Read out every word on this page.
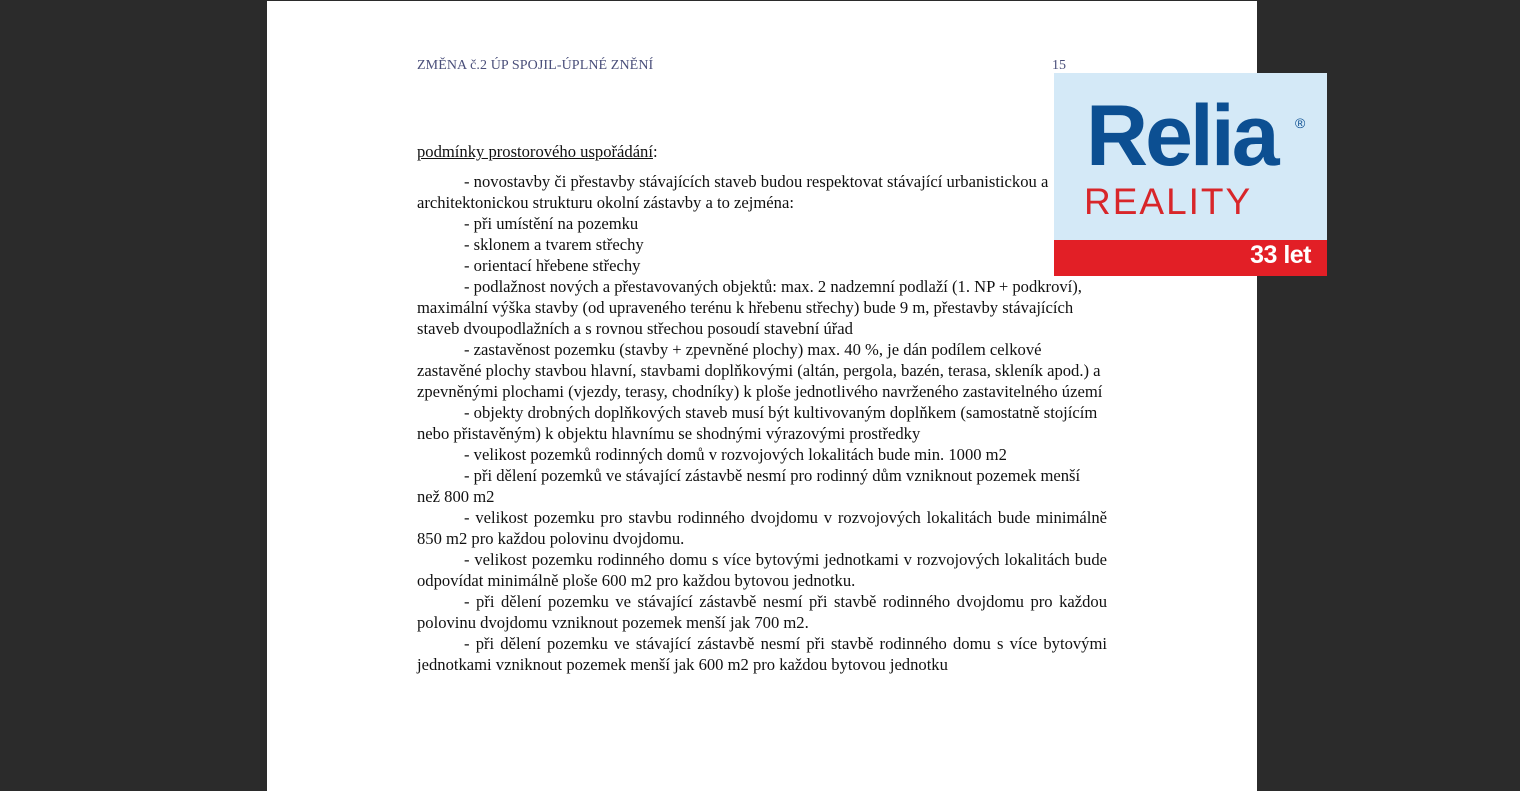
ZMĚNA č.2 ÚP SPOJIL-ÚPLNÉ ZNĚNÍ	15
podmínky prostorového uspořádání:
- novostavby či přestavby stávajících staveb budou respektovat stávající urbanistickou a architektonickou strukturu okolní zástavby a to zejména:
- při umístění na pozemku
- sklonem a tvarem střechy
- orientací hřebene střechy
- podlažnost nových a přestavovaných objektů: max. 2 nadzemní podlaží (1. NP + podkroví), maximální výška stavby (od upraveného terénu k hřebenu střechy) bude 9 m, přestavby stávajících staveb dvoupodlažních a s rovnou střechou posoudí stavební úřad
- zastavěnost pozemku (stavby + zpevněné plochy) max. 40 %, je dán podílem celkové zastavěné plochy stavbou hlavní, stavbami doplňkovými (altán, pergola, bazén, terasa, skleník apod.) a zpevněnými plochami (vjezdy, terasy, chodníky) k ploše jednotlivého navrženého zastavitelného území
- objekty drobných doplňkových staveb musí být kultivovaným doplňkem (samostatně stojícím nebo přistavěným) k objektu hlavnímu se shodnými výrazovými prostředky
- velikost pozemků rodinných domů v rozvojových lokalitách bude min. 1000 m2
- při dělení pozemků ve stávající zástavbě nesmí pro rodinný dům vzniknout pozemek menší než 800 m2
- velikost pozemku pro stavbu rodinného dvojdomu v rozvojových lokalitách bude minimálně 850 m2 pro každou polovinu dvojdomu.
- velikost pozemku rodinného domu s více bytovými jednotkami v rozvojových lokalitách bude odpovídat minimálně ploše 600 m2 pro každou bytovou jednotku.
- při dělení pozemku ve stávající zástavbě nesmí při stavbě rodinného dvojdomu pro každou polovinu dvojdomu vzniknout pozemek menší jak 700 m2.
- při dělení pozemku ve stávající zástavbě nesmí při stavbě rodinného domu s více bytovými jednotkami vzniknout pozemek menší jak 600 m2 pro každou bytovou jednotku
Relia ®
REALITY
33 let
